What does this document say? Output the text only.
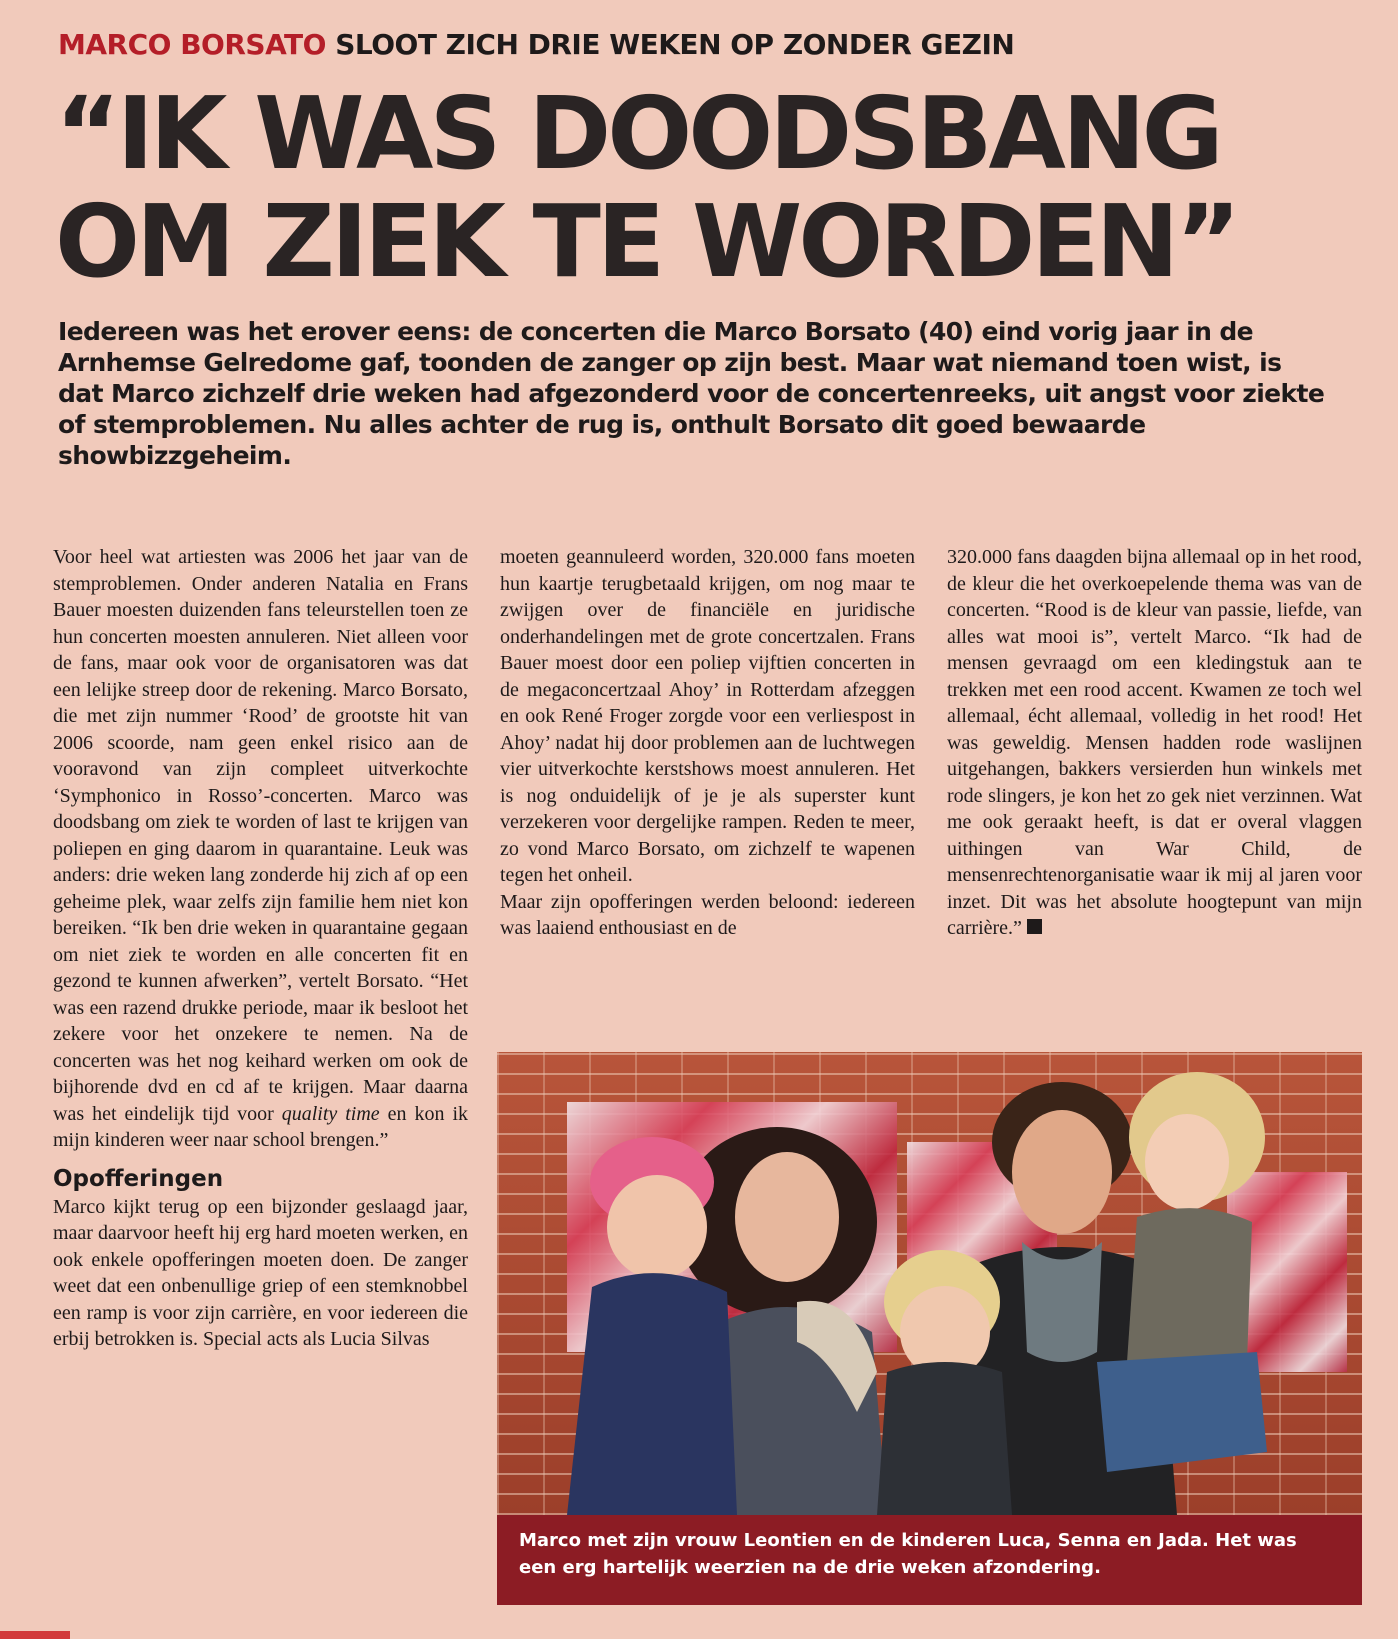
MARCO BORSATO SLOOT ZICH DRIE WEKEN OP ZONDER GEZIN
“IK WAS DOODSBANG OM ZIEK TE WORDEN”
Iedereen was het erover eens: de concerten die Marco Borsato (40) eind vorig jaar in de Arnhemse Gelredome gaf, toonden de zanger op zijn best. Maar wat niemand toen wist, is dat Marco zichzelf drie weken had afgezonderd voor de concertenreeks, uit angst voor ziekte of stemproblemen. Nu alles achter de rug is, onthult Borsato dit goed bewaarde showbizzgeheim.

Voor heel wat artiesten was 2006 het jaar van de stemproblemen. Onder anderen Natalia en Frans Bauer moesten duizenden fans teleurstellen toen ze hun concerten moesten annuleren. Niet alleen voor de fans, maar ook voor de organisatoren was dat een lelijke streep door de rekening. Marco Borsato, die met zijn nummer ‘Rood’ de grootste hit van 2006 scoorde, nam geen enkel risico aan de vooravond van zijn compleet uitverkochte ‘Symphonico in Rosso’-concerten. Marco was doodsbang om ziek te worden of last te krijgen van poliepen en ging daarom in quarantaine. Leuk was anders: drie weken lang zonderde hij zich af op een geheime plek, waar zelfs zijn familie hem niet kon bereiken. “Ik ben drie weken in quarantaine gegaan om niet ziek te worden en alle concerten fit en gezond te kunnen afwerken”, vertelt Borsato. “Het was een razend drukke periode, maar ik besloot het zekere voor het onzekere te nemen. Na de concerten was het nog keihard werken om ook de bijhorende dvd en cd af te krijgen. Maar daarna was het eindelijk tijd voor quality time en kon ik mijn kinderen weer naar school brengen.”

Opofferingen

Marco kijkt terug op een bijzonder geslaagd jaar, maar daarvoor heeft hij erg hard moeten werken, en ook enkele opofferingen moeten doen. De zanger weet dat een onbenullige griep of een stemknobbel een ramp is voor zijn carrière, en voor iedereen die erbij betrokken is. Special acts als Lucia Silvas

moeten geannuleerd worden, 320.000 fans moeten hun kaartje terugbetaald krijgen, om nog maar te zwijgen over de financiële en juridische onderhandelingen met de grote concertzalen. Frans Bauer moest door een poliep vijftien concerten in de megaconcertzaal Ahoy’ in Rotterdam afzeggen en ook René Froger zorgde voor een verliespost in Ahoy’ nadat hij door problemen aan de luchtwegen vier uitverkochte kerstshows moest annuleren. Het is nog onduidelijk of je je als superster kunt verzekeren voor dergelijke rampen. Reden te meer, zo vond Marco Borsato, om zichzelf te wapenen tegen het onheil.

Maar zijn opofferingen werden beloond: iedereen was laaiend enthousiast en de

320.000 fans daagden bijna allemaal op in het rood, de kleur die het overkoepelende thema was van de concerten. “Rood is de kleur van passie, liefde, van alles wat mooi is”, vertelt Marco. “Ik had de mensen gevraagd om een kledingstuk aan te trekken met een rood accent. Kwamen ze toch wel allemaal, écht allemaal, volledig in het rood! Het was geweldig. Mensen hadden rode waslijnen uitgehangen, bakkers versierden hun winkels met rode slingers, je kon het zo gek niet verzinnen. Wat me ook geraakt heeft, is dat er overal vlaggen uithingen van War Child, de mensenrechtenorganisatie waar ik mij al jaren voor inzet. Dit was het absolute hoogtepunt van mijn carrière.”

Marco met zijn vrouw Leontien en de kinderen Luca, Senna en Jada. Het was een erg hartelijk weerzien na de drie weken afzondering.
